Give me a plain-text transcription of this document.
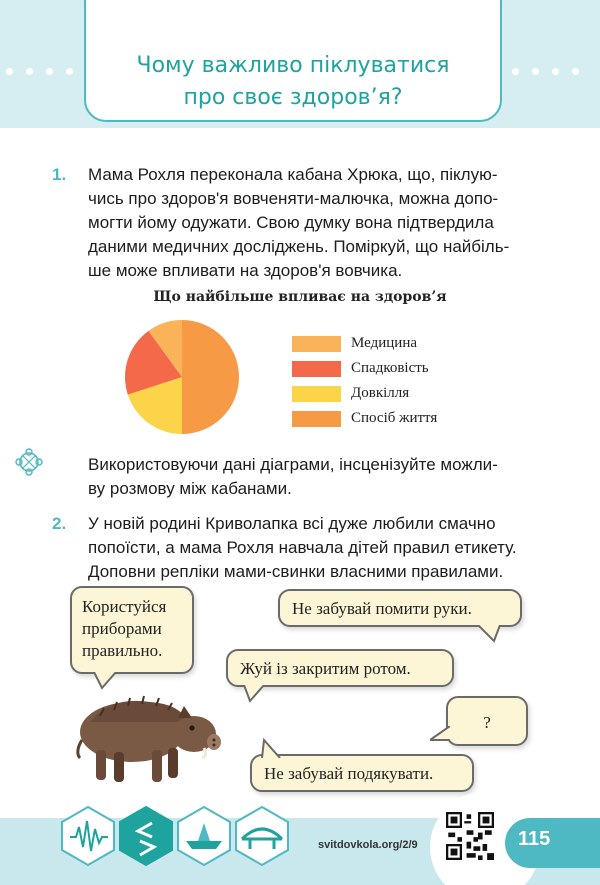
Чому важливо піклуватися
про своє здоров’я?
1. Мама Рохля переконала кабана Хрюка, що, піклую-
чись про здоров'я вовченяти-малючка, можна допо-
могти йому одужати. Свою думку вона підтвердила
даними медичних досліджень. Поміркуй, що найбіль-
ше може впливати на здоров'я вовчика.
Що найбільше впливає на здоров’я
Медицина
Спадковість
Довкілля
Спосіб життя
Використовуючи дані діаграми, інсценізуйте можли-
ву розмову між кабанами.
2. У новій родині Криволапка всі дуже любили смачно
попоїсти, а мама Рохля навчала дітей правил етикету.
Доповни репліки мами-свинки власними правилами.
Користуйся
приборами
правильно.
Не забувай помити руки.
Жуй із закритим ротом.
?
Не забувай подякувати.
svitdovkola.org/2/9	115
